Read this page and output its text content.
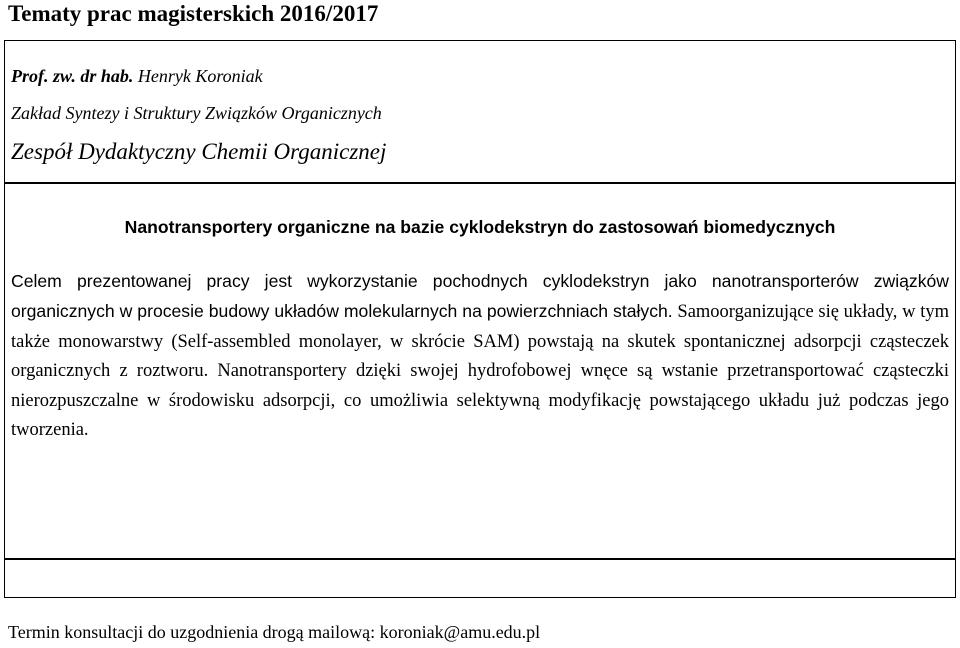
Tematy prac magisterskich 2016/2017
Prof. zw. dr hab. Henryk Koroniak
Zakład Syntezy i Struktury Związków Organicznych
Zespół Dydaktyczny Chemii Organicznej
Nanotransportery organiczne na bazie cyklodekstryn do zastosowań biomedycznych

Celem prezentowanej pracy jest wykorzystanie pochodnych cyklodekstryn jako nanotransporterów związków organicznych w procesie budowy układów molekularnych na powierzchniach stałych. Samoorganizujące się układy, w tym także monowarstwy (Self-assembled monolayer, w skrócie SAM) powstają na skutek spontanicznej adsorpcji cząsteczek organicznych z roztworu. Nanotransportery dzięki swojej hydrofobowej wnęce są wstanie przetransportować cząsteczki nierozpuszczalne w środowisku adsorpcji, co umożliwia selektywną modyfikację powstającego układu już podczas jego tworzenia.

Termin konsultacji do uzgodnienia drogą mailową: koroniak@amu.edu.pl
